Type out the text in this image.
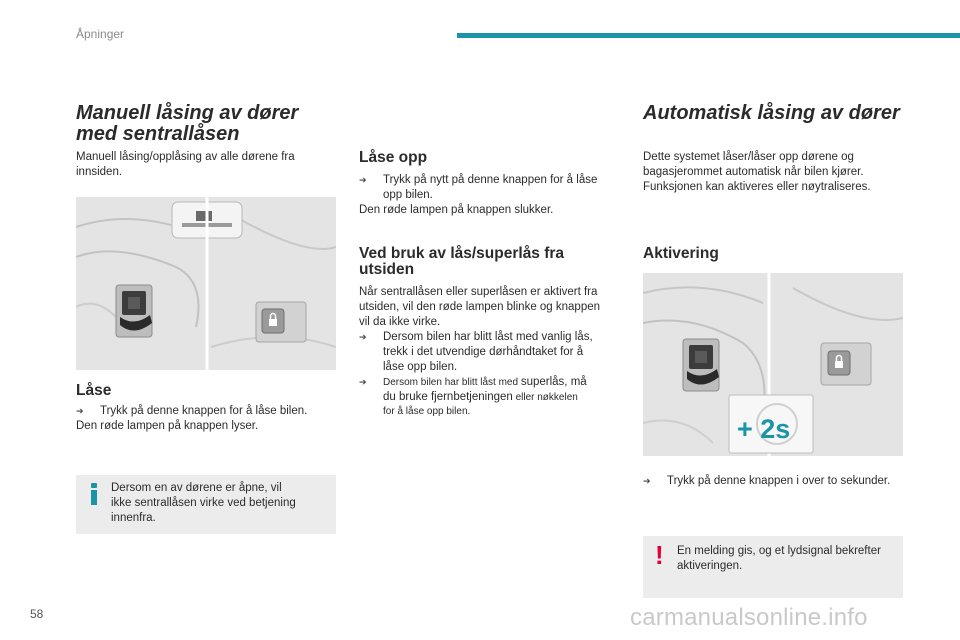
Åpninger
Manuell låsing av dører
med sentrallåsen
Manuell låsing/opplåsing av alle dørene fra
innsiden.
Låse
➔ Trykk på denne knappen for å låse bilen.
Den røde lampen på knappen lyser.
Dersom en av dørene er åpne, vil
ikke sentrallåsen virke ved betjening
innenfra.
Låse opp
➔ Trykk på nytt på denne knappen for å låse
opp bilen.
Den røde lampen på knappen slukker.
Ved bruk av lås/superlås fra
utsiden
Når sentrallåsen eller superlåsen er aktivert fra
utsiden, vil den røde lampen blinke og knappen
vil da ikke virke.
➔ Dersom bilen har blitt låst med vanlig lås,
trekk i det utvendige dørhåndtaket for å
låse opp bilen.
➔ Dersom bilen har blitt låst med superlås, må
du bruke fjernbetjeningen eller nøkkelen
for å låse opp bilen.
Automatisk låsing av dører
Dette systemet låser/låser opp dørene og
bagasjerommet automatisk når bilen kjører.
Funksjonen kan aktiveres eller nøytraliseres.
Aktivering
+ 2s
➔ Trykk på denne knappen i over to sekunder.
! En melding gis, og et lydsignal bekrefter
aktiveringen.
58	carmanualsonline.info
